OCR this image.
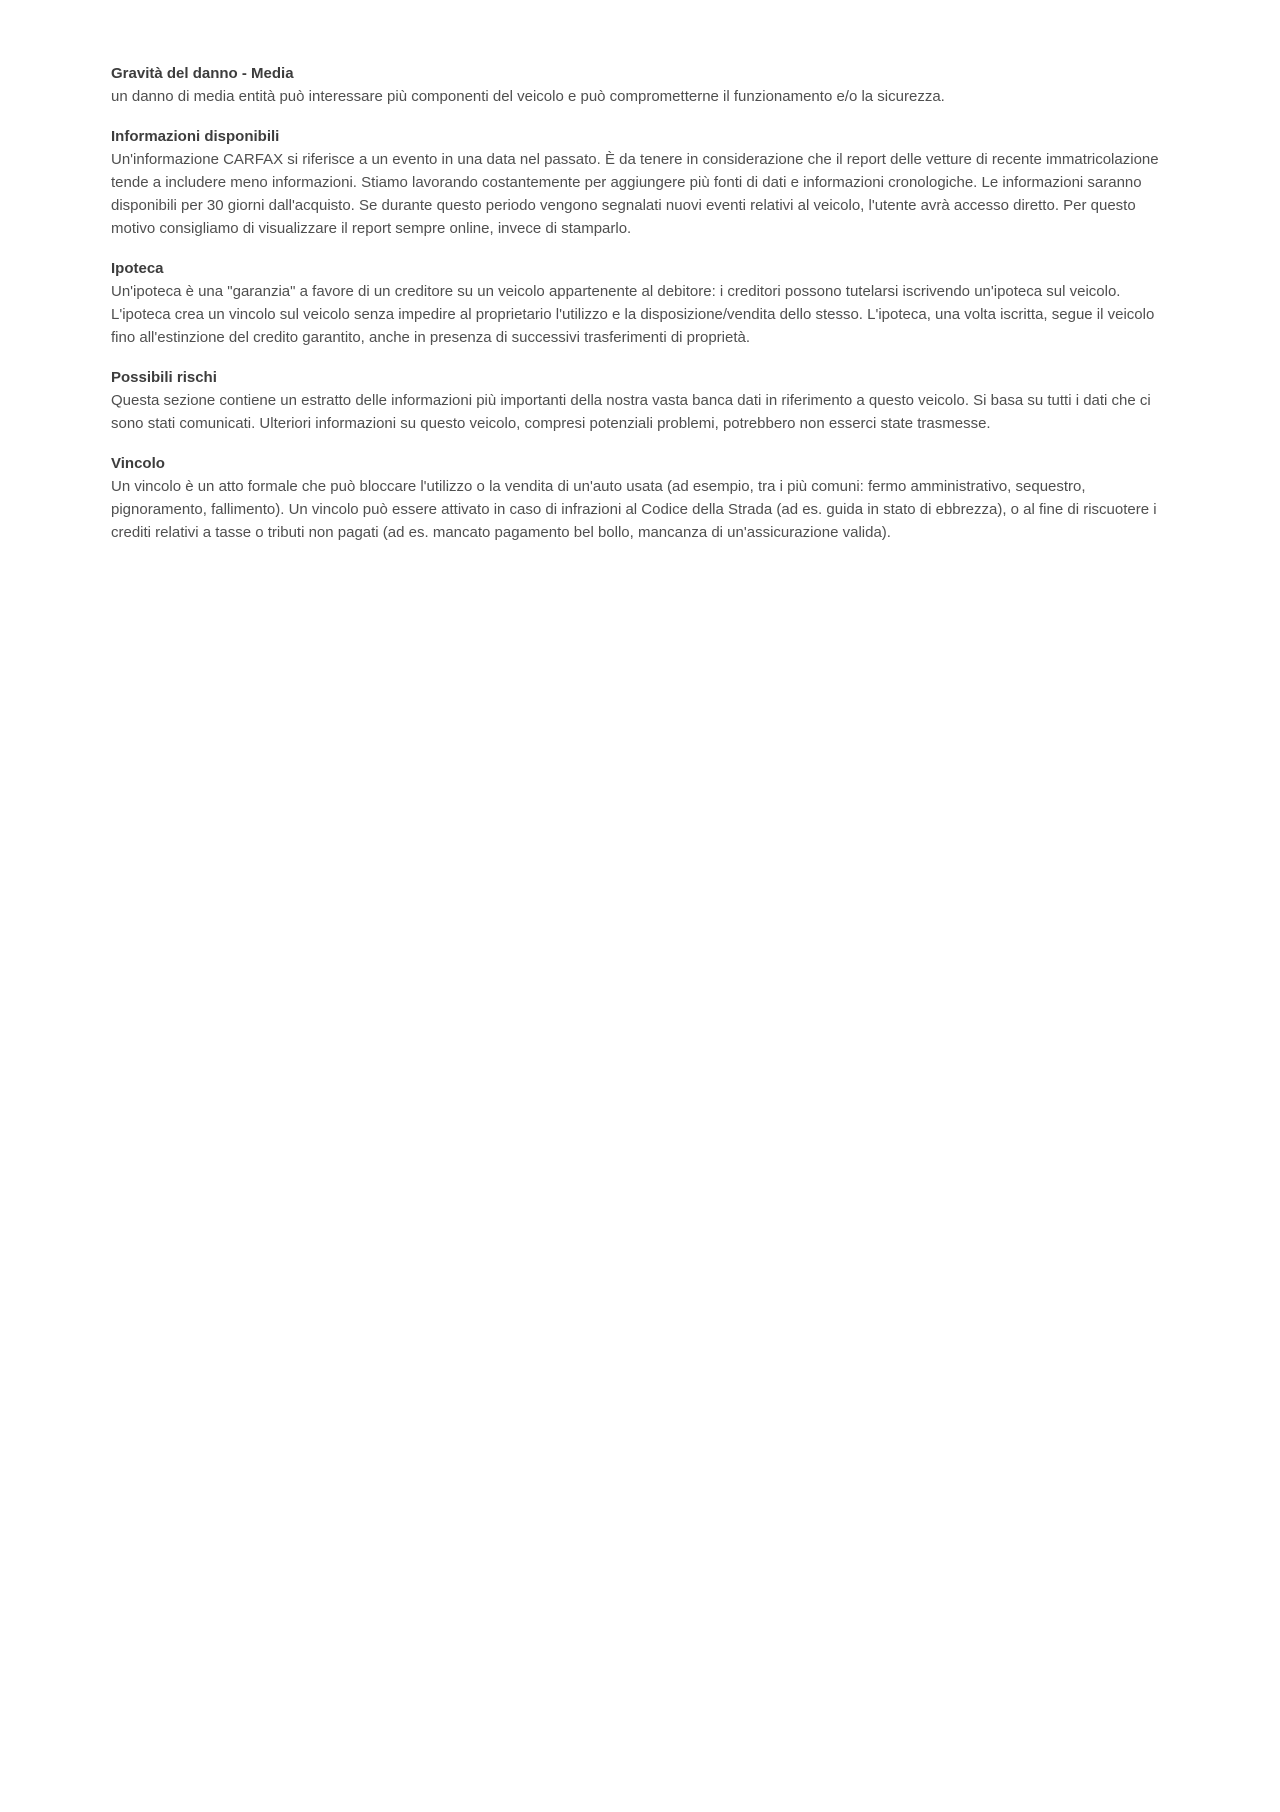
Gravità del danno - Media

un danno di media entità può interessare più componenti del veicolo e può comprometterne il funzionamento e/o la sicurezza.

Informazioni disponibili

Un'informazione CARFAX si riferisce a un evento in una data nel passato. È da tenere in considerazione che il report delle vetture di recente immatricolazione tende a includere meno informazioni. Stiamo lavorando costantemente per aggiungere più fonti di dati e informazioni cronologiche. Le informazioni saranno disponibili per 30 giorni dall'acquisto. Se durante questo periodo vengono segnalati nuovi eventi relativi al veicolo, l'utente avrà accesso diretto. Per questo motivo consigliamo di visualizzare il report sempre online, invece di stamparlo.

Ipoteca

Un'ipoteca è una "garanzia" a favore di un creditore su un veicolo appartenente al debitore: i creditori possono tutelarsi iscrivendo un'ipoteca sul veicolo. L'ipoteca crea un vincolo sul veicolo senza impedire al proprietario l'utilizzo e la disposizione/vendita dello stesso. L'ipoteca, una volta iscritta, segue il veicolo fino all'estinzione del credito garantito, anche in presenza di successivi trasferimenti di proprietà.

Possibili rischi

Questa sezione contiene un estratto delle informazioni più importanti della nostra vasta banca dati in riferimento a questo veicolo. Si basa su tutti i dati che ci sono stati comunicati. Ulteriori informazioni su questo veicolo, compresi potenziali problemi, potrebbero non esserci state trasmesse.

Vincolo

Un vincolo è un atto formale che può bloccare l'utilizzo o la vendita di un'auto usata (ad esempio, tra i più comuni: fermo amministrativo, sequestro, pignoramento, fallimento). Un vincolo può essere attivato in caso di infrazioni al Codice della Strada (ad es. guida in stato di ebbrezza), o al fine di riscuotere i crediti relativi a tasse o tributi non pagati (ad es. mancato pagamento bel bollo, mancanza di un'assicurazione valida).
